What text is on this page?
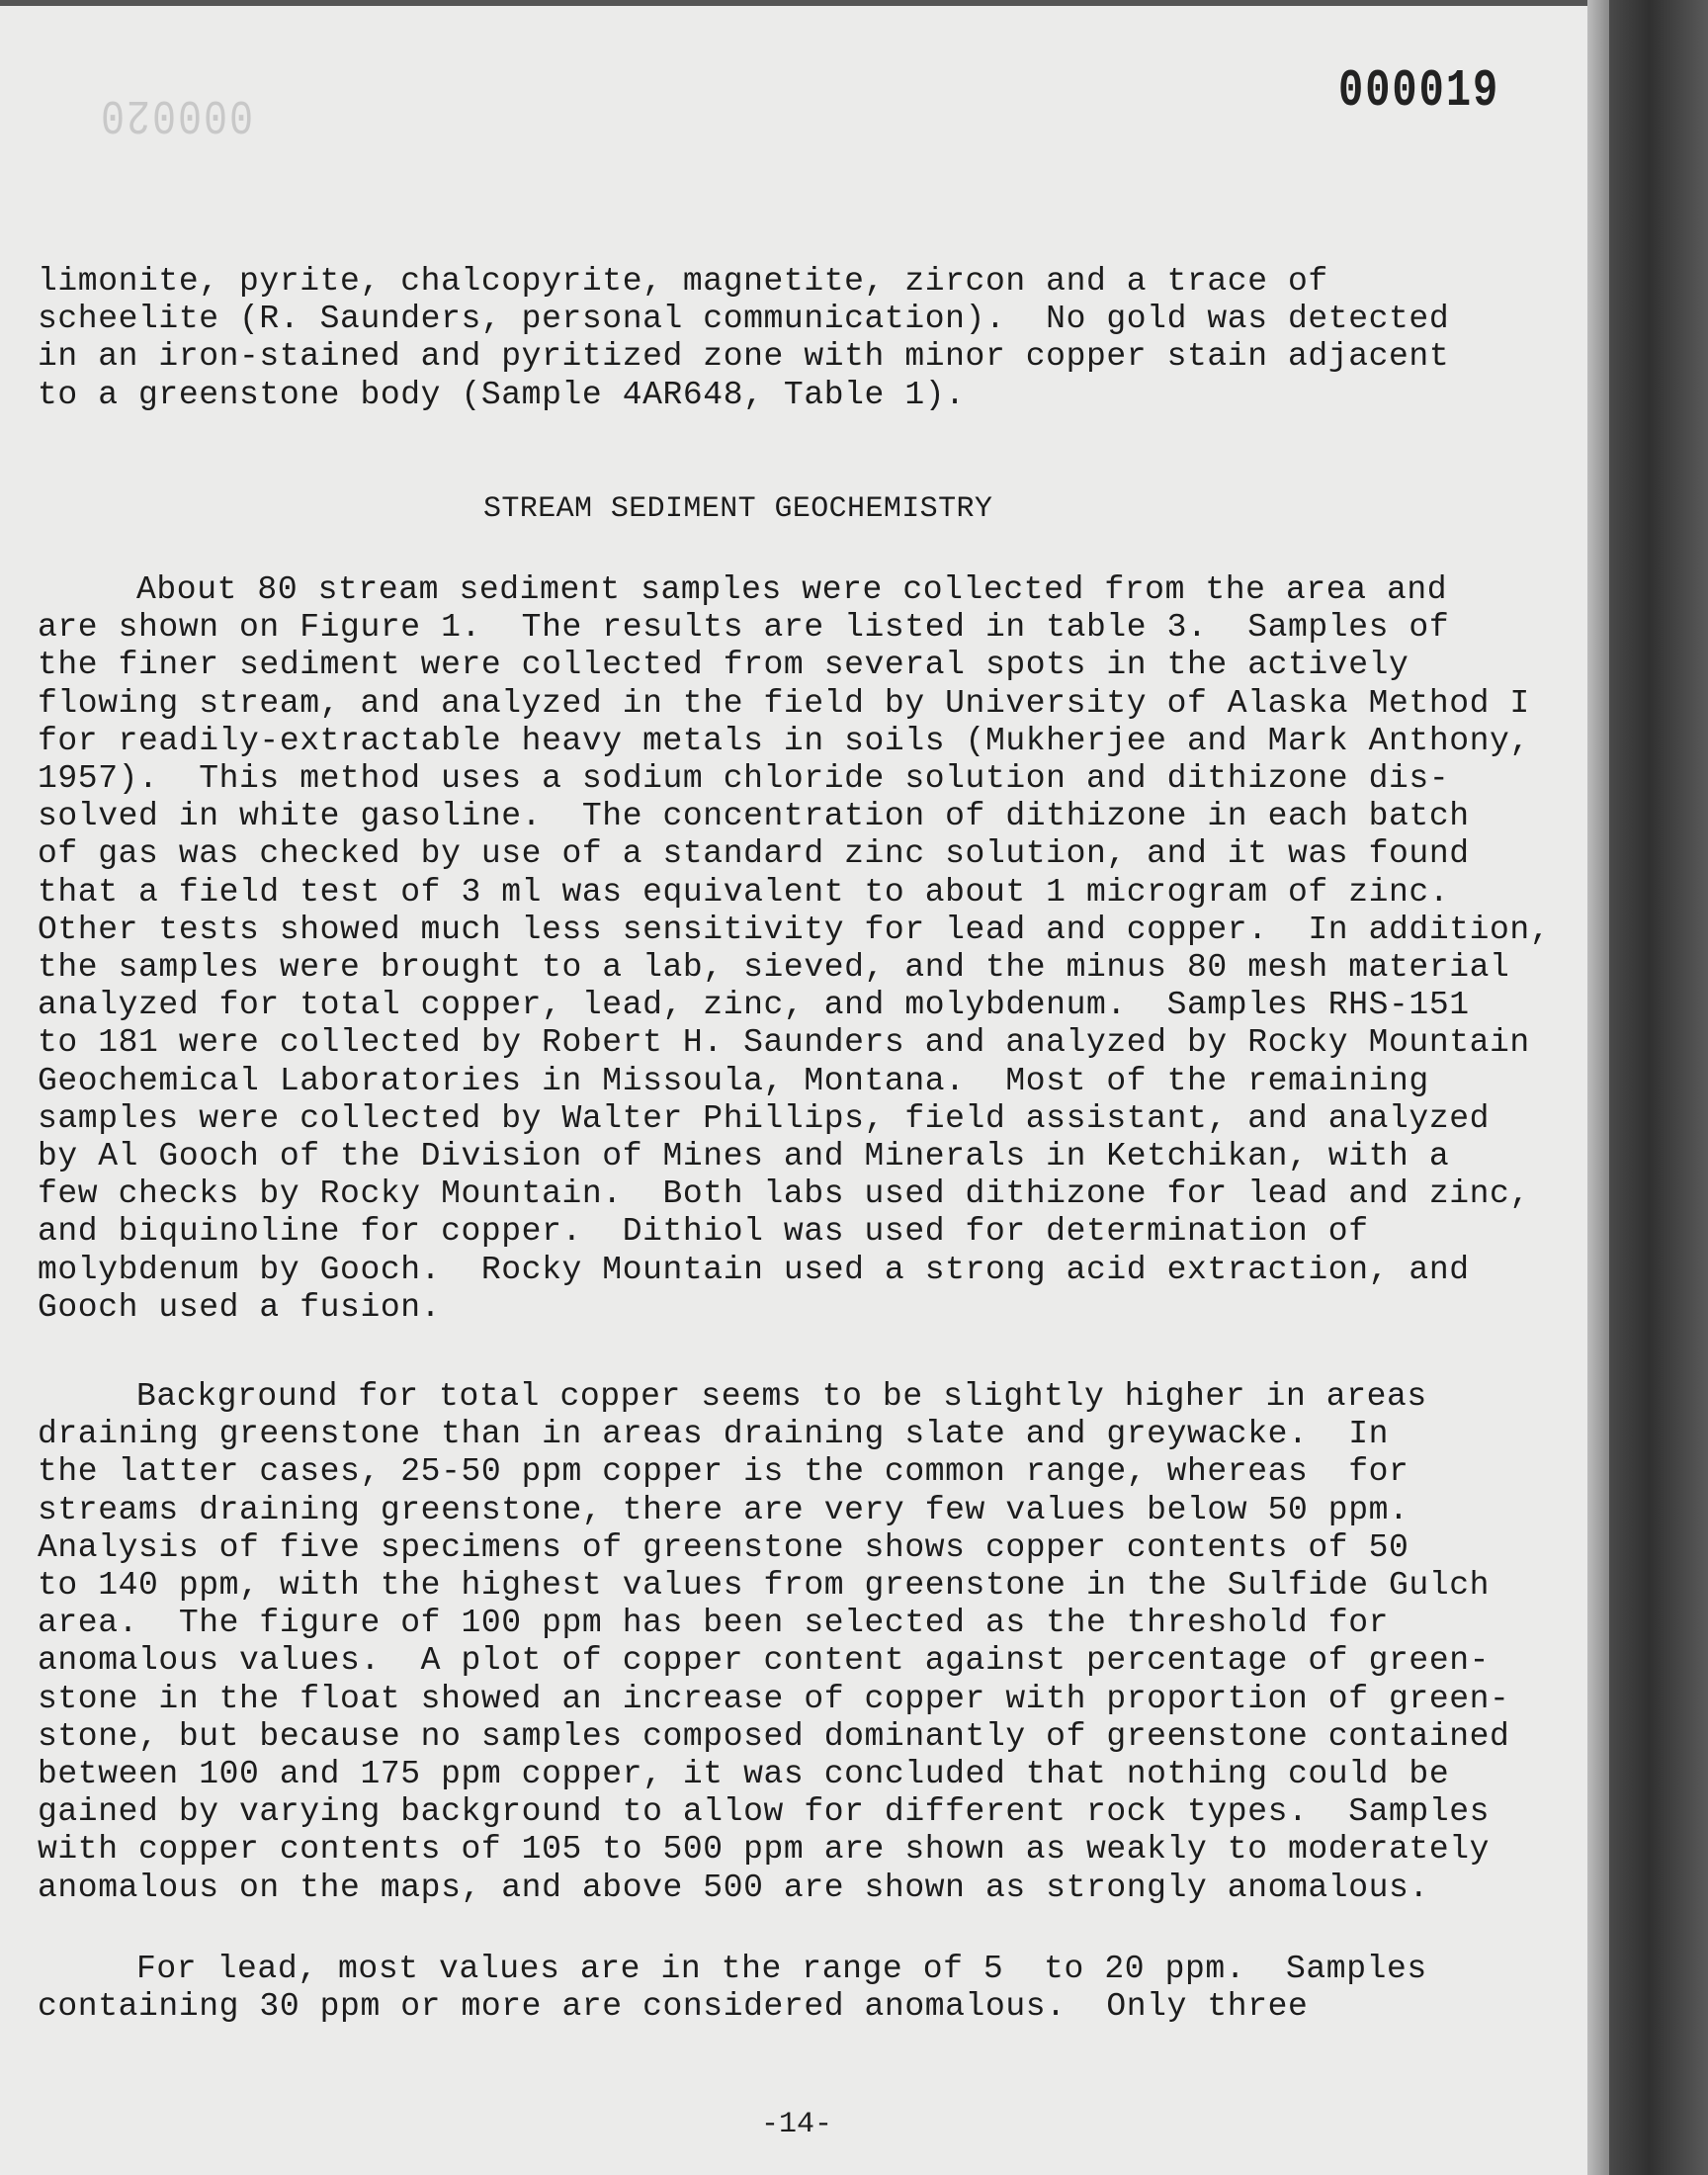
000020	000019
limonite, pyrite, chalcopyrite, magnetite, zircon and a trace of
scheelite (R. Saunders, personal communication).  No gold was detected
in an iron-stained and pyritized zone with minor copper stain adjacent
to a greenstone body (Sample 4AR648, Table 1).
STREAM SEDIMENT GEOCHEMISTRY
About 80 stream sediment samples were collected from the area and
are shown on Figure 1.  The results are listed in table 3.  Samples of
the finer sediment were collected from several spots in the actively
flowing stream, and analyzed in the field by University of Alaska Method I
for readily-extractable heavy metals in soils (Mukherjee and Mark Anthony,
1957).  This method uses a sodium chloride solution and dithizone dis-
solved in white gasoline.  The concentration of dithizone in each batch
of gas was checked by use of a standard zinc solution, and it was found
that a field test of 3 ml was equivalent to about 1 microgram of zinc.
Other tests showed much less sensitivity for lead and copper.  In addition,
the samples were brought to a lab, sieved, and the minus 80 mesh material
analyzed for total copper, lead, zinc, and molybdenum.  Samples RHS-151
to 181 were collected by Robert H. Saunders and analyzed by Rocky Mountain
Geochemical Laboratories in Missoula, Montana.  Most of the remaining
samples were collected by Walter Phillips, field assistant, and analyzed
by Al Gooch of the Division of Mines and Minerals in Ketchikan, with a
few checks by Rocky Mountain.  Both labs used dithizone for lead and zinc,
and biquinoline for copper.  Dithiol was used for determination of
molybdenum by Gooch.  Rocky Mountain used a strong acid extraction, and
Gooch used a fusion.
Background for total copper seems to be slightly higher in areas
draining greenstone than in areas draining slate and greywacke.  In
the latter cases, 25-50 ppm copper is the common range, whereas  for
streams draining greenstone, there are very few values below 50 ppm.
Analysis of five specimens of greenstone shows copper contents of 50
to 140 ppm, with the highest values from greenstone in the Sulfide Gulch
area.  The figure of 100 ppm has been selected as the threshold for
anomalous values.  A plot of copper content against percentage of green-
stone in the float showed an increase of copper with proportion of green-
stone, but because no samples composed dominantly of greenstone contained
between 100 and 175 ppm copper, it was concluded that nothing could be
gained by varying background to allow for different rock types.  Samples
with copper contents of 105 to 500 ppm are shown as weakly to moderately
anomalous on the maps, and above 500 are shown as strongly anomalous.
For lead, most values are in the range of 5  to 20 ppm.  Samples
containing 30 ppm or more are considered anomalous.  Only three
-14-
